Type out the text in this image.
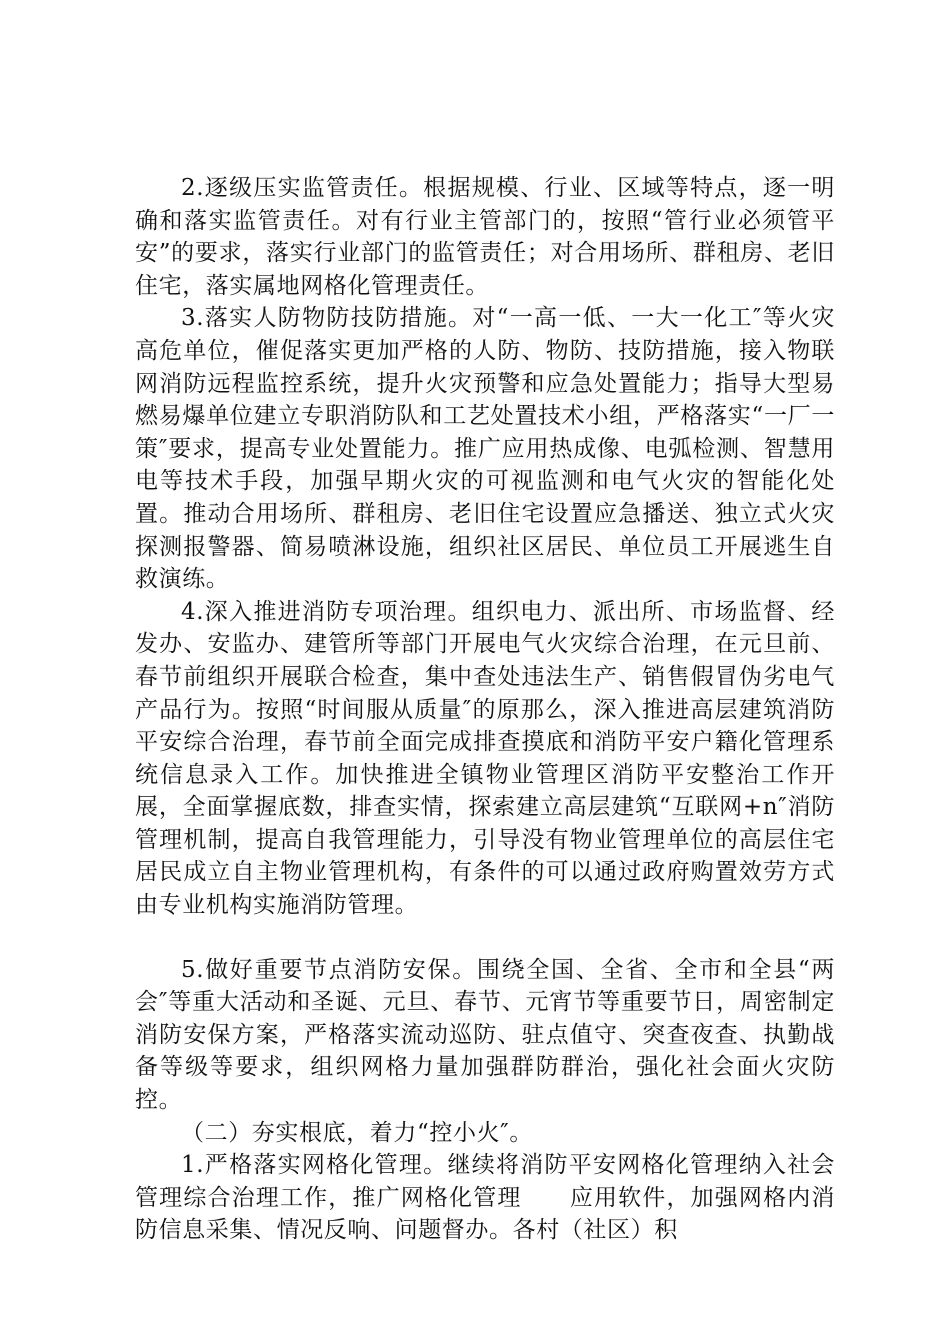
2.逐级压实监管责任。根据规模、行业、区域等特点，逐一明确和落实监管责任。对有行业主管部门的，按照“管行业必须管平安”的要求，落实行业部门的监管责任；对合用场所、群租房、老旧住宅，落实属地网格化管理责任。

3.落实人防物防技防措施。对“一高一低、一大一化工″等火灾高危单位，催促落实更加严格的人防、物防、技防措施，接入物联网消防远程监控系统，提升火灾预警和应急处置能力；指导大型易燃易爆单位建立专职消防队和工艺处置技术小组，严格落实“一厂一策″要求，提高专业处置能力。推广应用热成像、电弧检测、智慧用电等技术手段，加强早期火灾的可视监测和电气火灾的智能化处置。推动合用场所、群租房、老旧住宅设置应急播送、独立式火灾探测报警器、简易喷淋设施，组织社区居民、单位员工开展逃生自救演练。

4.深入推进消防专项治理。组织电力、派出所、市场监督、经发办、安监办、建管所等部门开展电气火灾综合治理，在元旦前、春节前组织开展联合检查，集中查处违法生产、销售假冒伪劣电气产品行为。按照“时间服从质量″的原那么，深入推进高层建筑消防平安综合治理，春节前全面完成排查摸底和消防平安户籍化管理系统信息录入工作。加快推进全镇物业管理区消防平安整治工作开展，全面掌握底数，排查实情，探索建立高层建筑“互联网+n″消防管理机制，提高自我管理能力，引导没有物业管理单位的高层住宅居民成立自主物业管理机构，有条件的可以通过政府购置效劳方式由专业机构实施消防管理。

5.做好重要节点消防安保。围绕全国、全省、全市和全县“两会″等重大活动和圣诞、元旦、春节、元宵节等重要节日，周密制定消防安保方案，严格落实流动巡防、驻点值守、突查夜查、执勤战备等级等要求，组织网格力量加强群防群治，强化社会面火灾防控。

（二）夯实根底，着力“控小火″。

1.严格落实网格化管理。继续将消防平安网格化管理纳入社会管理综合治理工作，推广网格化管理　　应用软件，加强网格内消防信息采集、情况反响、问题督办。各村（社区）积
